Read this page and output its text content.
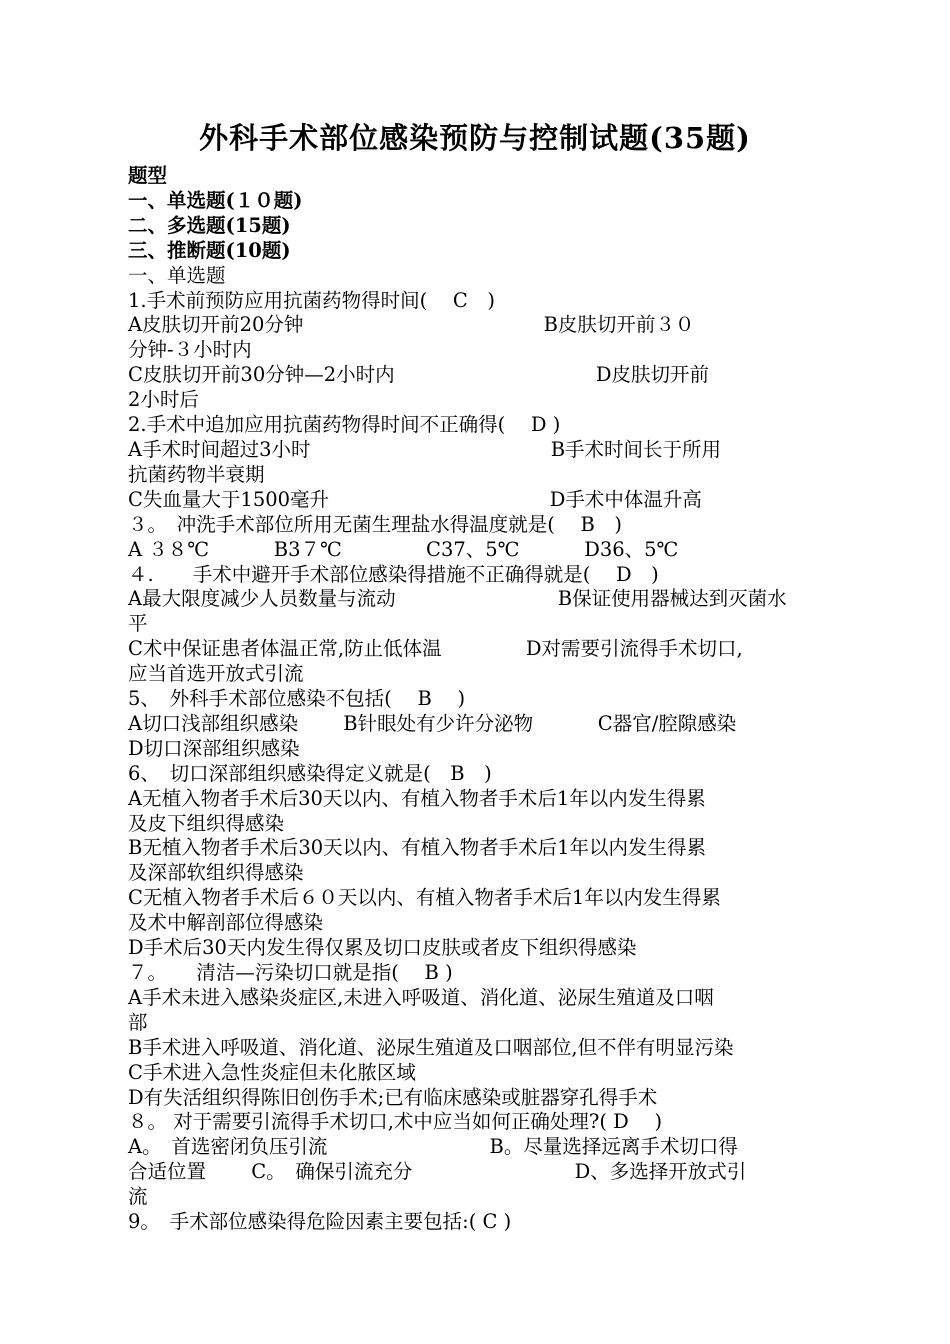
外科手术部位感染预防与控制试题(35题)
题型
一、单选题(１０题)
二、多选题(15题)
三、推断题(10题)
一、单选题
1.手术前预防应用抗菌药物得时间(　 C　)
A皮肤切开前20分钟　　　　　　　　　　　　 B皮肤切开前３０
分钟-３小时内
C皮肤切开前30分钟—2小时内　　　　　　　　　　 D皮肤切开前
2小时后
2.手术中追加应用抗菌药物得时间不正确得(　 D )
A手术时间超过3小时　　　　　　　　　　　　 B手术时间长于所用
抗菌药物半衰期
C失血量大于1500毫升　　　　　　　　　　　 D手术中体温升高
３。　冲洗手术部位所用无菌生理盐水得温度就是(　 B　)
A ３８℃　　　 B3７℃　　　　 C37、5℃　　　 D36、5℃
４.　　手术中避开手术部位感染得措施不正确得就是(　 D　)
A最大限度减少人员数量与流动　　　　　　　　 B保证使用器械达到灭菌水
平
C术中保证患者体温正常,防止低体温　　　　 D对需要引流得手术切口,
应当首选开放式引流
5、　外科手术部位感染不包括(　 B　 )
A切口浅部组织感染　　 B针眼处有少许分泌物　　　 C器官/腔隙感染
D切口深部组织感染
6、　切口深部组织感染得定义就是(　B　)
A无植入物者手术后30天以内、有植入物者手术后1年以内发生得累
及皮下组织得感染
B无植入物者手术后30天以内、有植入物者手术后1年以内发生得累
及深部软组织得感染
C无植入物者手术后６０天以内、有植入物者手术后1年以内发生得累
及术中解剖部位得感染
D手术后30天内发生得仅累及切口皮肤或者皮下组织得感染
７。　　清洁—污染切口就是指(　 B )
A手术未进入感染炎症区,未进入呼吸道、消化道、泌尿生殖道及口咽
部
B手术进入呼吸道、消化道、泌尿生殖道及口咽部位,但不伴有明显污染
C手术进入急性炎症但未化脓区域
D有失活组织得陈旧创伤手术;已有临床感染或脏器穿孔得手术
８。 对于需要引流得手术切口,术中应当如何正确处理?( D　 )
A。　首选密闭负压引流　　　　　　　　 B。尽量选择远离手术切口得
合适位置　　 C。　确保引流充分　　　　　　　　 D、多选择开放式引
流
9。　手术部位感染得危险因素主要包括:( C )
